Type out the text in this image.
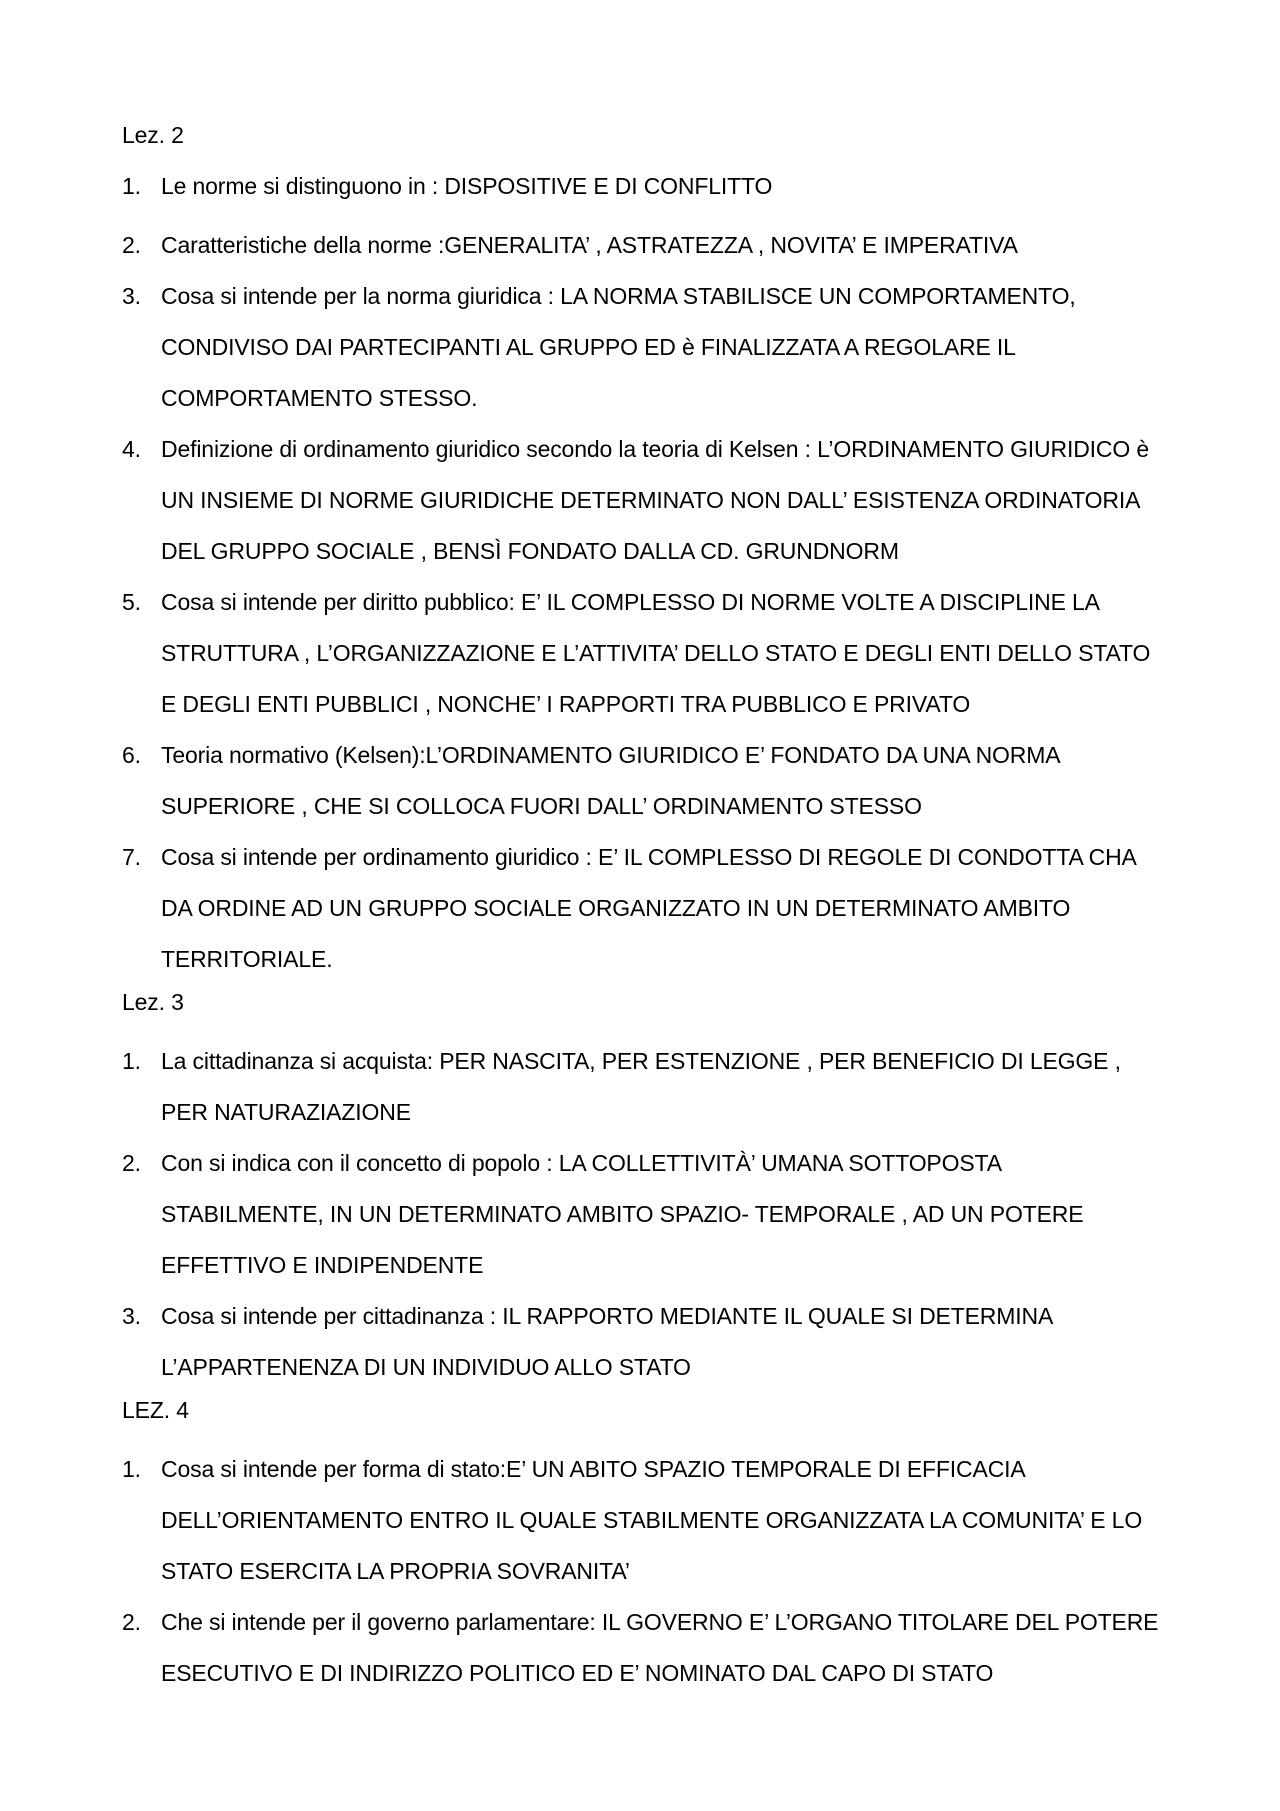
Lez. 2
1. Le norme si distinguono in : DISPOSITIVE E DI CONFLITTO
2. Caratteristiche della norme :GENERALITA’ , ASTRATEZZA , NOVITA’ E IMPERATIVA
3. Cosa si intende per la norma giuridica : LA NORMA STABILISCE UN COMPORTAMENTO, CONDIVISO DAI PARTECIPANTI AL GRUPPO ED è FINALIZZATA A REGOLARE IL COMPORTAMENTO STESSO.
4. Definizione di ordinamento giuridico secondo la teoria di Kelsen : L’ORDINAMENTO GIURIDICO è UN INSIEME DI NORME GIURIDICHE DETERMINATO NON DALL’ ESISTENZA ORDINATORIA DEL GRUPPO SOCIALE , BENSÌ FONDATO DALLA CD. GRUNDNORM
5. Cosa si intende per diritto pubblico: E’ IL COMPLESSO DI NORME VOLTE A DISCIPLINE LA STRUTTURA , L’ORGANIZZAZIONE E L’ATTIVITA’ DELLO STATO E DEGLI ENTI DELLO STATO E DEGLI ENTI PUBBLICI , NONCHE’ I RAPPORTI TRA PUBBLICO E PRIVATO
6. Teoria normativo (Kelsen):L’ORDINAMENTO GIURIDICO E’ FONDATO DA UNA NORMA SUPERIORE , CHE SI COLLOCA FUORI DALL’ ORDINAMENTO STESSO
7. Cosa si intende per ordinamento giuridico : E’ IL COMPLESSO DI REGOLE DI CONDOTTA CHA DA ORDINE AD UN GRUPPO SOCIALE ORGANIZZATO IN UN DETERMINATO AMBITO TERRITORIALE.
Lez. 3
1. La cittadinanza si acquista: PER NASCITA, PER ESTENZIONE , PER BENEFICIO DI LEGGE , PER NATURAZIAZIONE
2. Con si indica con il concetto di popolo : LA COLLETTIVITÀ’ UMANA SOTTOPOSTA STABILMENTE, IN UN DETERMINATO AMBITO SPAZIO- TEMPORALE , AD UN POTERE EFFETTIVO E INDIPENDENTE
3. Cosa si intende per cittadinanza : IL RAPPORTO MEDIANTE IL QUALE SI DETERMINA L’APPARTENENZA DI UN INDIVIDUO ALLO STATO
LEZ. 4
1. Cosa si intende per forma di stato:E’ UN ABITO SPAZIO TEMPORALE DI EFFICACIA DELL’ORIENTAMENTO ENTRO IL QUALE STABILMENTE ORGANIZZATA LA COMUNITA’ E LO STATO ESERCITA LA PROPRIA SOVRANITA’
2. Che si intende per il governo parlamentare: IL GOVERNO E’ L’ORGANO TITOLARE DEL POTERE ESECUTIVO E DI INDIRIZZO POLITICO ED E’ NOMINATO DAL CAPO DI STATO
